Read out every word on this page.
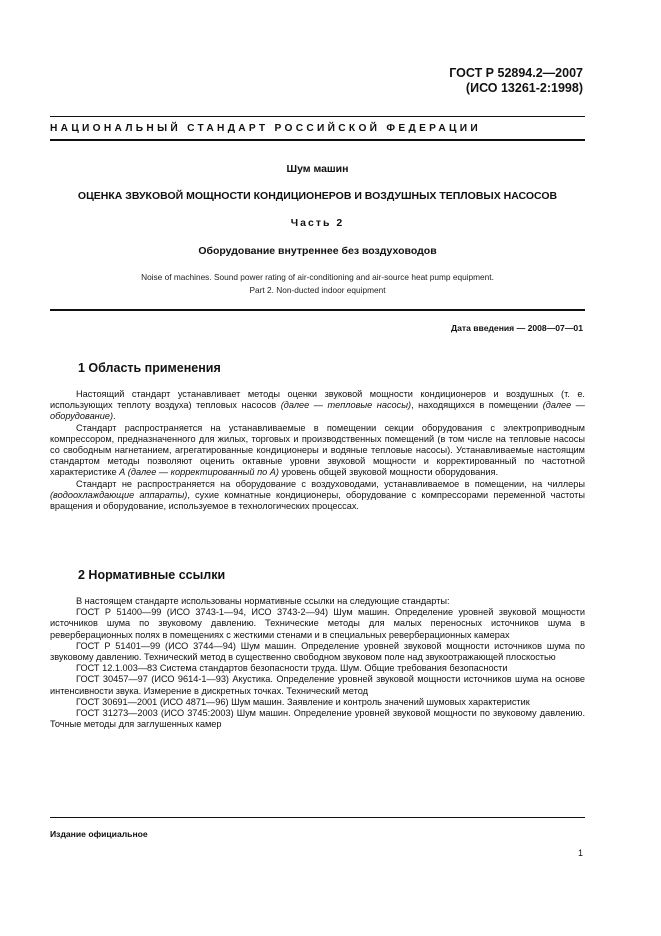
ГОСТ Р 52894.2—2007
(ИСО 13261-2:1998)
НАЦИОНАЛЬНЫЙ СТАНДАРТ РОССИЙСКОЙ ФЕДЕРАЦИИ
Шум машин
ОЦЕНКА ЗВУКОВОЙ МОЩНОСТИ КОНДИЦИОНЕРОВ И ВОЗДУШНЫХ ТЕПЛОВЫХ НАСОСОВ
Часть 2
Оборудование внутреннее без воздуховодов
Noise of machines. Sound power rating of air-conditioning and air-source heat pump equipment.
Part 2. Non-ducted indoor equipment
Дата введения — 2008—07—01
1 Область применения

Настоящий стандарт устанавливает методы оценки звуковой мощности кондиционеров и воздушных (т. е. использующих теплоту воздуха) тепловых насосов (далее — тепловые насосы), находящихся в помещении (далее — оборудование).

Стандарт распространяется на устанавливаемые в помещении секции оборудования с электроприводным компрессором, предназначенного для жилых, торговых и производственных помещений (в том числе на тепловые насосы со свободным нагнетанием, агрегатированные кондиционеры и водяные тепловые насосы). Устанавливаемые настоящим стандартом методы позволяют оценить октавные уровни звуковой мощности и корректированный по частотной характеристике А (далее — корректированный по А) уровень общей звуковой мощности оборудования.

Стандарт не распространяется на оборудование с воздуховодами, устанавливаемое в помещении, на чиллеры (водоохлаждающие аппараты), сухие комнатные кондиционеры, оборудование с компрессорами переменной частоты вращения и оборудование, используемое в технологических процессах.

2 Нормативные ссылки

В настоящем стандарте использованы нормативные ссылки на следующие стандарты:

ГОСТ Р 51400—99 (ИСО 3743-1—94, ИСО 3743-2—94) Шум машин. Определение уровней звуковой мощности источников шума по звуковому давлению. Технические методы для малых переносных источников шума в реверберационных полях в помещениях с жесткими стенами и в специальных реверберационных камерах

ГОСТ Р 51401—99 (ИСО 3744—94) Шум машин. Определение уровней звуковой мощности источников шума по звуковому давлению. Технический метод в существенно свободном звуковом поле над звукоотражающей плоскостью

ГОСТ 12.1.003—83 Система стандартов безопасности труда. Шум. Общие требования безопасности

ГОСТ 30457—97 (ИСО 9614-1—93) Акустика. Определение уровней звуковой мощности источников шума на основе интенсивности звука. Измерение в дискретных точках. Технический метод

ГОСТ 30691—2001 (ИСО 4871—96) Шум машин. Заявление и контроль значений шумовых характеристик

ГОСТ 31273—2003 (ИСО 3745:2003) Шум машин. Определение уровней звуковой мощности по звуковому давлению. Точные методы для заглушенных камер

Издание официальное
1
